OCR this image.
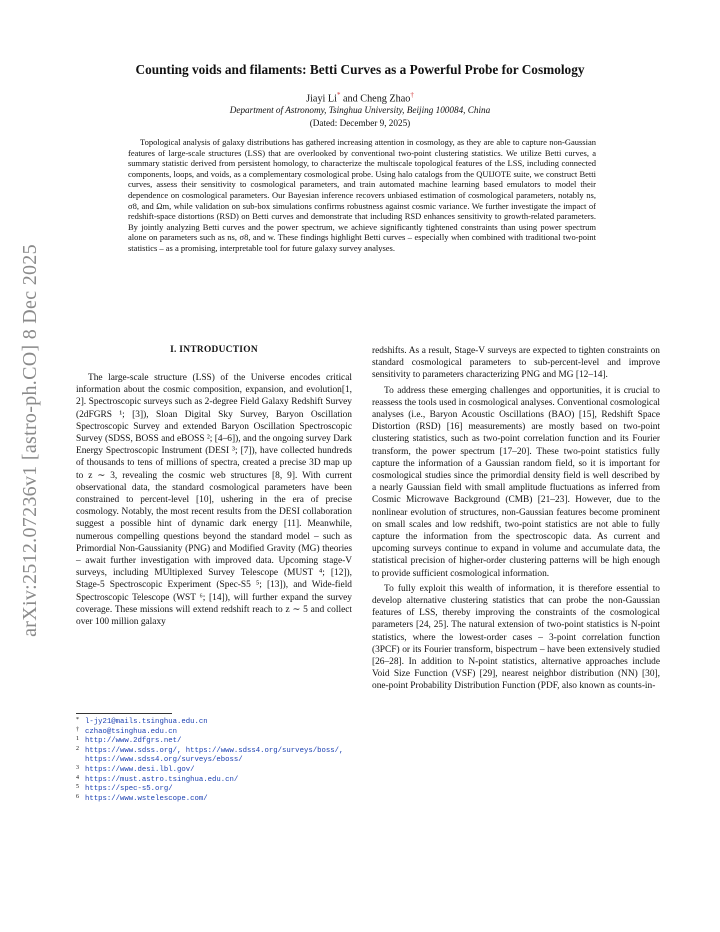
arXiv:2512.07236v1 [astro-ph.CO] 8 Dec 2025
Counting voids and filaments: Betti Curves as a Powerful Probe for Cosmology
Jiayi Li* and Cheng Zhao†
Department of Astronomy, Tsinghua University, Beijing 100084, China
(Dated: December 9, 2025)
Topological analysis of galaxy distributions has gathered increasing attention in cosmology, as they are able to capture non-Gaussian features of large-scale structures (LSS) that are overlooked by conventional two-point clustering statistics. We utilize Betti curves, a summary statistic derived from persistent homology, to characterize the multiscale topological features of the LSS, including connected components, loops, and voids, as a complementary cosmological probe. Using halo catalogs from the QUIJOTE suite, we construct Betti curves, assess their sensitivity to cosmological parameters, and train automated machine learning based emulators to model their dependence on cosmological parameters. Our Bayesian inference recovers unbiased estimation of cosmological parameters, notably ns, σ8, and Ωm, while validation on sub-box simulations confirms robustness against cosmic variance. We further investigate the impact of redshift-space distortions (RSD) on Betti curves and demonstrate that including RSD enhances sensitivity to growth-related parameters. By jointly analyzing Betti curves and the power spectrum, we achieve significantly tightened constraints than using power spectrum alone on parameters such as ns, σ8, and w. These findings highlight Betti curves – especially when combined with traditional two-point statistics – as a promising, interpretable tool for future galaxy survey analyses.
I. INTRODUCTION

The large-scale structure (LSS) of the Universe encodes critical information about the cosmic composition, expansion, and evolution[1, 2]. Spectroscopic surveys such as 2-degree Field Galaxy Redshift Survey (2dFGRS ¹; [3]), Sloan Digital Sky Survey, Baryon Oscillation Spectroscopic Survey and extended Baryon Oscillation Spectroscopic Survey (SDSS, BOSS and eBOSS ²; [4–6]), and the ongoing survey Dark Energy Spectroscopic Instrument (DESI ³; [7]), have collected hundreds of thousands to tens of millions of spectra, created a precise 3D map up to z ∼ 3, revealing the cosmic web structures [8, 9]. With current observational data, the standard cosmological parameters have been constrained to percent-level [10], ushering in the era of precise cosmology. Notably, the most recent results from the DESI collaboration suggest a possible hint of dynamic dark energy [11]. Meanwhile, numerous compelling questions beyond the standard model – such as Primordial Non-Gaussianity (PNG) and Modified Gravity (MG) theories – await further investigation with improved data. Upcoming stage-V surveys, including MUltiplexed Survey Telescope (MUST ⁴; [12]), Stage-5 Spectroscopic Experiment (Spec-S5 ⁵; [13]), and Wide-field Spectroscopic Telescope (WST ⁶; [14]), will further expand the survey coverage. These missions will extend redshift reach to z ∼ 5 and collect over 100 million galaxy

redshifts. As a result, Stage-V surveys are expected to tighten constraints on standard cosmological parameters to sub-percent-level and improve sensitivity to parameters characterizing PNG and MG [12–14].

To address these emerging challenges and opportunities, it is crucial to reassess the tools used in cosmological analyses. Conventional cosmological analyses (i.e., Baryon Acoustic Oscillations (BAO) [15], Redshift Space Distortion (RSD) [16] measurements) are mostly based on two-point clustering statistics, such as two-point correlation function and its Fourier transform, the power spectrum [17–20]. These two-point statistics fully capture the information of a Gaussian random field, so it is important for cosmological studies since the primordial density field is well described by a nearly Gaussian field with small amplitude fluctuations as inferred from Cosmic Microwave Background (CMB) [21–23]. However, due to the nonlinear evolution of structures, non-Gaussian features become prominent on small scales and low redshift, two-point statistics are not able to fully capture the information from the spectroscopic data. As current and upcoming surveys continue to expand in volume and accumulate data, the statistical precision of higher-order clustering patterns will be high enough to provide sufficient cosmological information.

To fully exploit this wealth of information, it is therefore essential to develop alternative clustering statistics that can probe the non-Gaussian features of LSS, thereby improving the constraints of the cosmological parameters [24, 25]. The natural extension of two-point statistics is N-point statistics, where the lowest-order cases – 3-point correlation function (3PCF) or its Fourier transform, bispectrum – have been extensively studied [26–28]. In addition to N-point statistics, alternative approaches include Void Size Function (VSF) [29], nearest neighbor distribution (NN) [30], one-point Probability Distribution Function (PDF, also known as counts-in-

* l-jy21@mails.tsinghua.edu.cn
† czhao@tsinghua.edu.cn
1 http://www.2dfgrs.net/
2 https://www.sdss.org/, https://www.sdss4.org/surveys/boss/, https://www.sdss4.org/surveys/eboss/
3 https://www.desi.lbl.gov/
4 https://must.astro.tsinghua.edu.cn/
5 https://spec-s5.org/
6 https://www.wstelescope.com/
